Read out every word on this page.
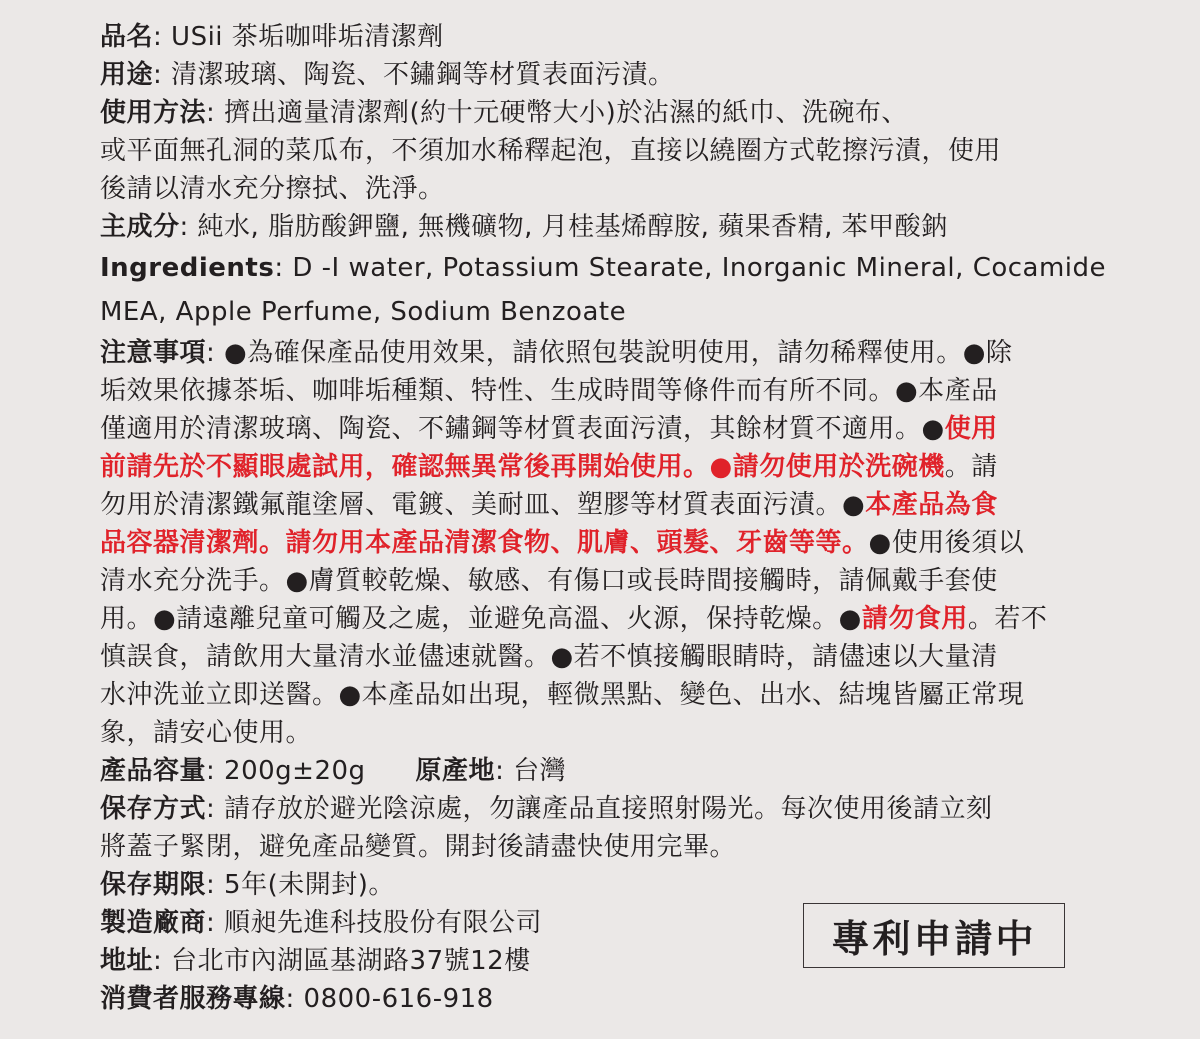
品名: USii 茶垢咖啡垢清潔劑
用途: 清潔玻璃、陶瓷、不鏽鋼等材質表面污漬。
使用方法: 擠出適量清潔劑(約十元硬幣大小)於沾濕的紙巾、洗碗布、
或平面無孔洞的菜瓜布，不須加水稀釋起泡，直接以繞圈方式乾擦污漬，使用
後請以清水充分擦拭、洗淨。
主成分: 純水, 脂肪酸鉀鹽, 無機礦物, 月桂基烯醇胺, 蘋果香精, 苯甲酸鈉
Ingredients: D -I water, Potassium Stearate, Inorganic Mineral, Cocamide
MEA, Apple Perfume, Sodium Benzoate
注意事項: ●為確保產品使用效果，請依照包裝說明使用，請勿稀釋使用。●除
垢效果依據茶垢、咖啡垢種類、特性、生成時間等條件而有所不同。●本產品
僅適用於清潔玻璃、陶瓷、不鏽鋼等材質表面污漬，其餘材質不適用。●使用
前請先於不顯眼處試用，確認無異常後再開始使用。●請勿使用於洗碗機。請
勿用於清潔鐵氟龍塗層、電鍍、美耐皿、塑膠等材質表面污漬。●本產品為食
品容器清潔劑。請勿用本產品清潔食物、肌膚、頭髮、牙齒等等。●使用後須以
清水充分洗手。●膚質較乾燥、敏感、有傷口或長時間接觸時，請佩戴手套使
用。●請遠離兒童可觸及之處，並避免高溫、火源，保持乾燥。●請勿食用。若不
慎誤食，請飲用大量清水並儘速就醫。●若不慎接觸眼睛時，請儘速以大量清
水沖洗並立即送醫。●本產品如出現，輕微黑點、變色、出水、結塊皆屬正常現
象，請安心使用。
產品容量: 200g±20g 原產地: 台灣
保存方式: 請存放於避光陰涼處，勿讓產品直接照射陽光。每次使用後請立刻
將蓋子緊閉，避免產品變質。開封後請盡快使用完畢。
保存期限: 5年(未開封)。
製造廠商: 順昶先進科技股份有限公司
地址: 台北市內湖區基湖路37號12樓
消費者服務專線: 0800-616-918
專利申請中
